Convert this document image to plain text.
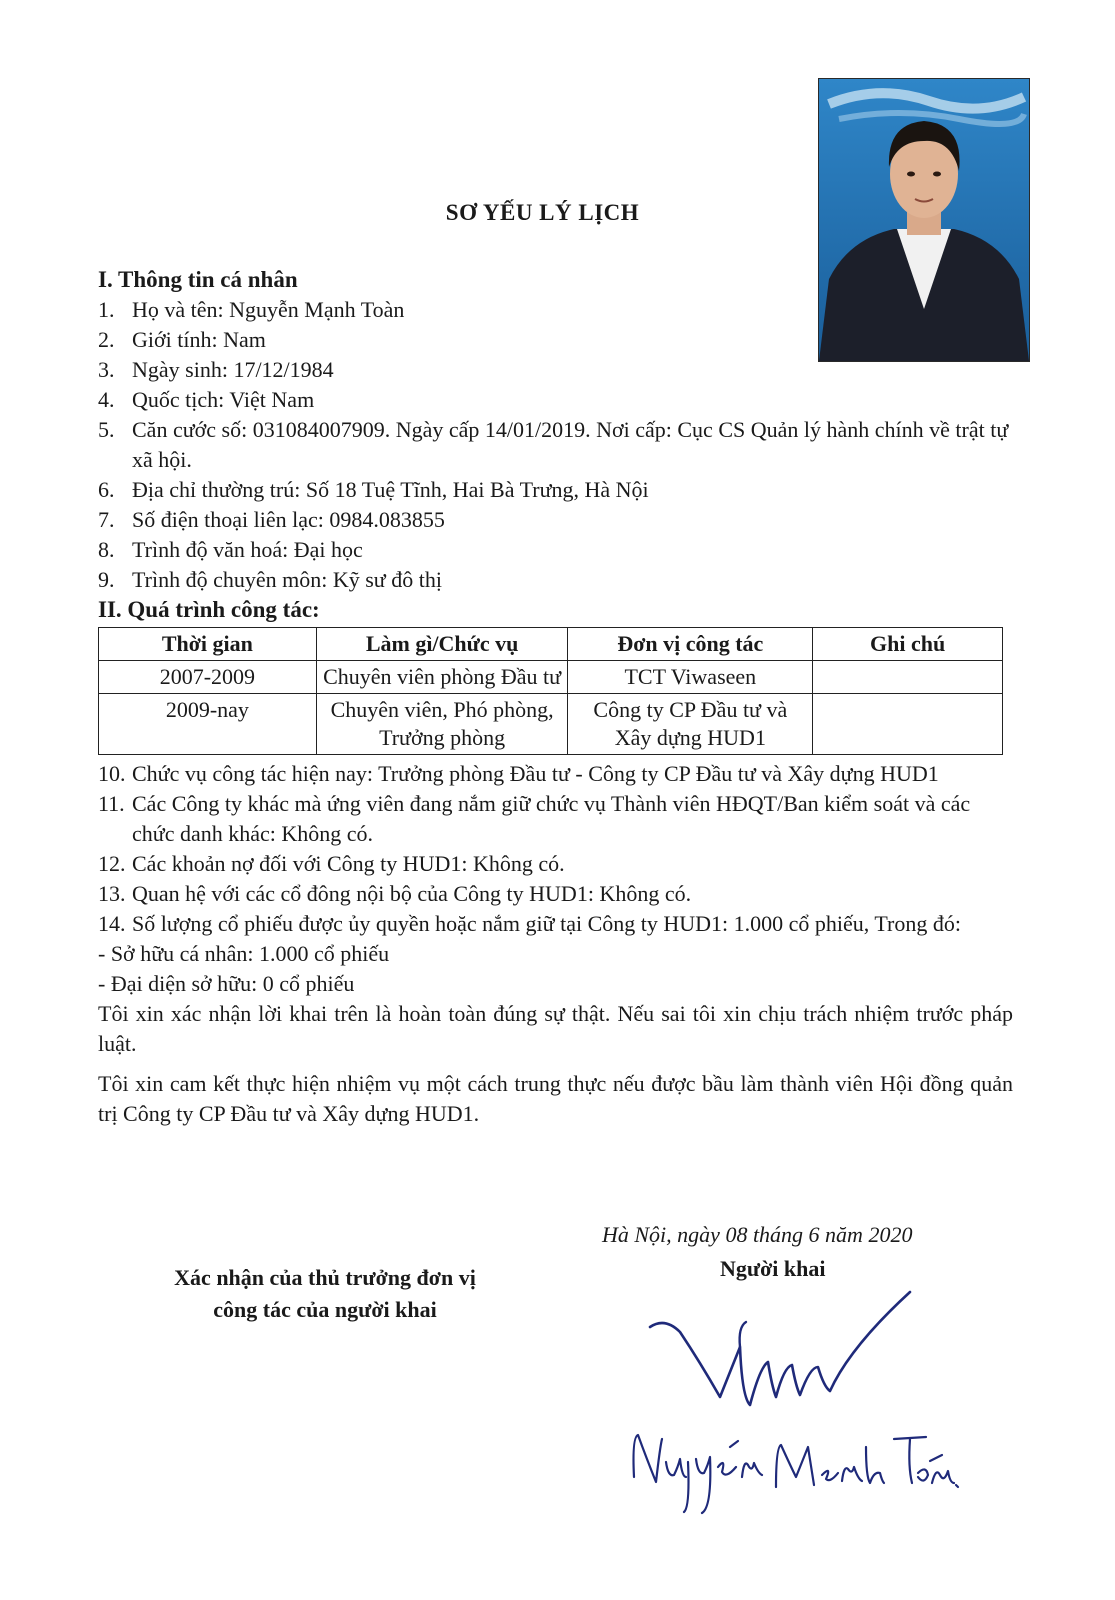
SƠ YẾU LÝ LỊCH
I. Thông tin cá nhân
1. Họ và tên: Nguyễn Mạnh Toàn
2. Giới tính: Nam
3. Ngày sinh: 17/12/1984
4. Quốc tịch: Việt Nam
5. Căn cước số: 031084007909. Ngày cấp 14/01/2019. Nơi cấp: Cục CS Quản lý hành chính về trật tự xã hội.
6. Địa chỉ thường trú: Số 18 Tuệ Tĩnh, Hai Bà Trưng, Hà Nội
7. Số điện thoại liên lạc: 0984.083855
8. Trình độ văn hoá: Đại học
9. Trình độ chuyên môn: Kỹ sư đô thị
II. Quá trình công tác:
Thời gian	Làm gì/Chức vụ	Đơn vị công tác	Ghi chú
2007-2009	Chuyên viên phòng Đầu tư	TCT Viwaseen	
2009-nay	Chuyên viên, Phó phòng, Trưởng phòng	Công ty CP Đầu tư và Xây dựng HUD1	
10. Chức vụ công tác hiện nay: Trưởng phòng Đầu tư - Công ty CP Đầu tư và Xây dựng HUD1
11. Các Công ty khác mà ứng viên đang nắm giữ chức vụ Thành viên HĐQT/Ban kiểm soát và các chức danh khác: Không có.
12. Các khoản nợ đối với Công ty HUD1: Không có.
13. Quan hệ với các cổ đông nội bộ của Công ty HUD1: Không có.
14. Số lượng cổ phiếu được ủy quyền hoặc nắm giữ tại Công ty HUD1: 1.000 cổ phiếu, Trong đó:
- Sở hữu cá nhân: 1.000 cổ phiếu
- Đại diện sở hữu: 0 cổ phiếu
Tôi xin xác nhận lời khai trên là hoàn toàn đúng sự thật. Nếu sai tôi xin chịu trách nhiệm trước pháp luật.
Tôi xin cam kết thực hiện nhiệm vụ một cách trung thực nếu được bầu làm thành viên Hội đồng quản trị Công ty CP Đầu tư và Xây dựng HUD1.
Hà Nội, ngày 08 tháng 6 năm 2020
Người khai
Xác nhận của thủ trưởng đơn vị
công tác của người khai
